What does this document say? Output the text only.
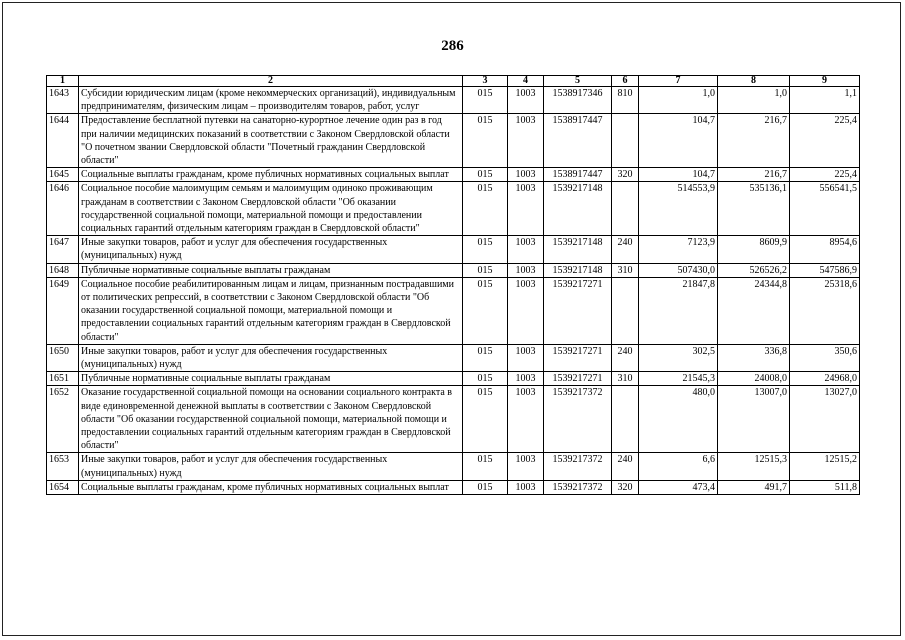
286
1	2	3	4	5	6	7	8	9
1643	Субсидии юридическим лицам (кроме некоммерческих организаций), индивидуальным предпринимателям, физическим лицам – производителям товаров, работ, услуг	015	1003	1538917346	810	1,0	1,0	1,1
1644	Предоставление бесплатной путевки на санаторно-курортное лечение один раз в год при наличии медицинских показаний в соответствии с Законом Свердловской области "О почетном звании Свердловской области "Почетный гражданин Свердловской области"	015	1003	1538917447		104,7	216,7	225,4
1645	Социальные выплаты гражданам, кроме публичных нормативных социальных выплат	015	1003	1538917447	320	104,7	216,7	225,4
1646	Социальное пособие малоимущим семьям и малоимущим одиноко проживающим гражданам в соответствии с Законом Свердловской области "Об оказании государственной социальной помощи, материальной помощи и предоставлении социальных гарантий отдельным категориям граждан в Свердловской области"	015	1003	1539217148		514553,9	535136,1	556541,5
1647	Иные закупки товаров, работ и услуг для обеспечения государственных (муниципальных) нужд	015	1003	1539217148	240	7123,9	8609,9	8954,6
1648	Публичные нормативные социальные выплаты гражданам	015	1003	1539217148	310	507430,0	526526,2	547586,9
1649	Социальное пособие реабилитированным лицам и лицам, признанным пострадавшими от политических репрессий, в соответствии с Законом Свердловской области "Об оказании государственной социальной помощи, материальной помощи и предоставлении социальных гарантий отдельным категориям граждан в Свердловской области"	015	1003	1539217271		21847,8	24344,8	25318,6
1650	Иные закупки товаров, работ и услуг для обеспечения государственных (муниципальных) нужд	015	1003	1539217271	240	302,5	336,8	350,6
1651	Публичные нормативные социальные выплаты гражданам	015	1003	1539217271	310	21545,3	24008,0	24968,0
1652	Оказание государственной социальной помощи на основании социального контракта в виде единовременной денежной выплаты в соответствии с Законом Свердловской области "Об оказании государственной социальной помощи, материальной помощи и предоставлении социальных гарантий отдельным категориям граждан в Свердловской области"	015	1003	1539217372		480,0	13007,0	13027,0
1653	Иные закупки товаров, работ и услуг для обеспечения государственных (муниципальных) нужд	015	1003	1539217372	240	6,6	12515,3	12515,2
1654	Социальные выплаты гражданам, кроме публичных нормативных социальных выплат	015	1003	1539217372	320	473,4	491,7	511,8
